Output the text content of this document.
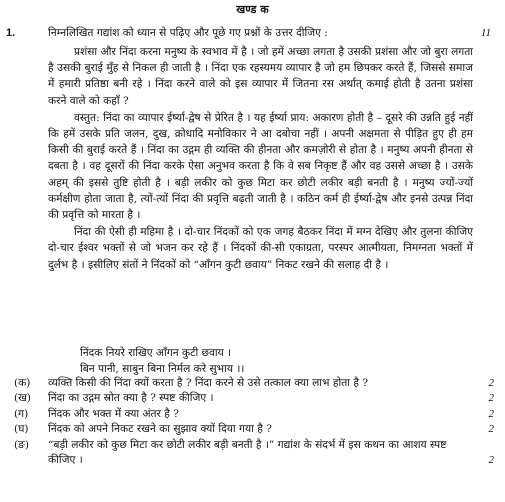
खण्ड क
1.	निम्नलिखित गद्यांश को ध्यान से पढ़िए और पूछे गए प्रश्नों के उत्तर दीजिए :	11

प्रशंसा और निंदा करना मनुष्य के स्वभाव में है । जो हमें अच्छा लगता है उसकी प्रशंसा और जो बुरा लगता है उसकी बुराई मुँह से निकल ही जाती है । निंदा एक रहस्यमय व्यापार है जो हम छिपकर करते हैं, जिससे समाज में हमारी प्रतिष्ठा बनी रहे । निंदा करने वाले को इस व्यापार में जितना रस अर्थात् कमाई होती है उतना प्रशंसा करने वाले को कहाँ ?

वस्तुत: निंदा का व्यापार ईर्ष्या-द्वेष से प्रेरित है । यह ईर्ष्या प्राय: अकारण होती है – दूसरे की उन्नति हुई नहीं कि हमें उसके प्रति जलन, दुख, क्रोधादि मनोविकार ने आ दबोचा नहीं । अपनी अक्षमता से पीड़ित हुए ही हम किसी की बुराई करते हैं । निंदा का उद्गम ही व्यक्ति की हीनता और कमज़ोरी से होता है । मनुष्य अपनी हीनता से दबता है । वह दूसरों की निंदा करके ऐसा अनुभव करता है कि वे सब निकृष्ट हैं और वह उससे अच्छा है । उसके अहम् की इससे तुष्टि होती है । बड़ी लकीर को कुछ मिटा कर छोटी लकीर बड़ी बनती है । मनुष्य ज्यों-ज्यों कर्मक्षीण होता जाता है, त्यों-त्यों निंदा की प्रवृत्ति बढ़ती जाती है । कठिन कर्म ही ईर्ष्या-द्वेष और इनसे उत्पन्न निंदा की प्रवृत्ति को मारता है ।

निंदा की ऐसी ही महिमा है । दो-चार निंदकों को एक जगह बैठकर निंदा में मग्न देखिए और तुलना कीजिए दो-चार ईश्वर भक्तों से जो भजन कर रहे हैं । निंदकों की-सी एकाग्रता, परस्पर आत्मीयता, निमग्नता भक्तों में दुर्लभ है । इसीलिए संतों ने निंदकों को “आँगन कुटी छवाय” निकट रखने की सलाह दी है ।

निंदक नियरे राखिए आँगन कुटी छवाय ।
बिन पानी, साबुन बिना निर्मल करे सुभाय ।।
(क)	व्यक्ति किसी की निंदा क्यों करता है ? निंदा करने से उसे तत्काल क्या लाभ होता है ?	2
(ख)	निंदा का उद्गम स्रोत क्या है ? स्पष्ट कीजिए ।	2
(ग)	निंदक और भक्त में क्या अंतर है ?	2
(घ)	निंदक को अपने निकट रखने का सुझाव क्यों दिया गया है ?	2
(ङ)	“बड़ी लकीर को कुछ मिटा कर छोटी लकीर बड़ी बनती है ।” गद्यांश के संदर्भ में इस कथन का आशय स्पष्ट कीजिए ।	2
